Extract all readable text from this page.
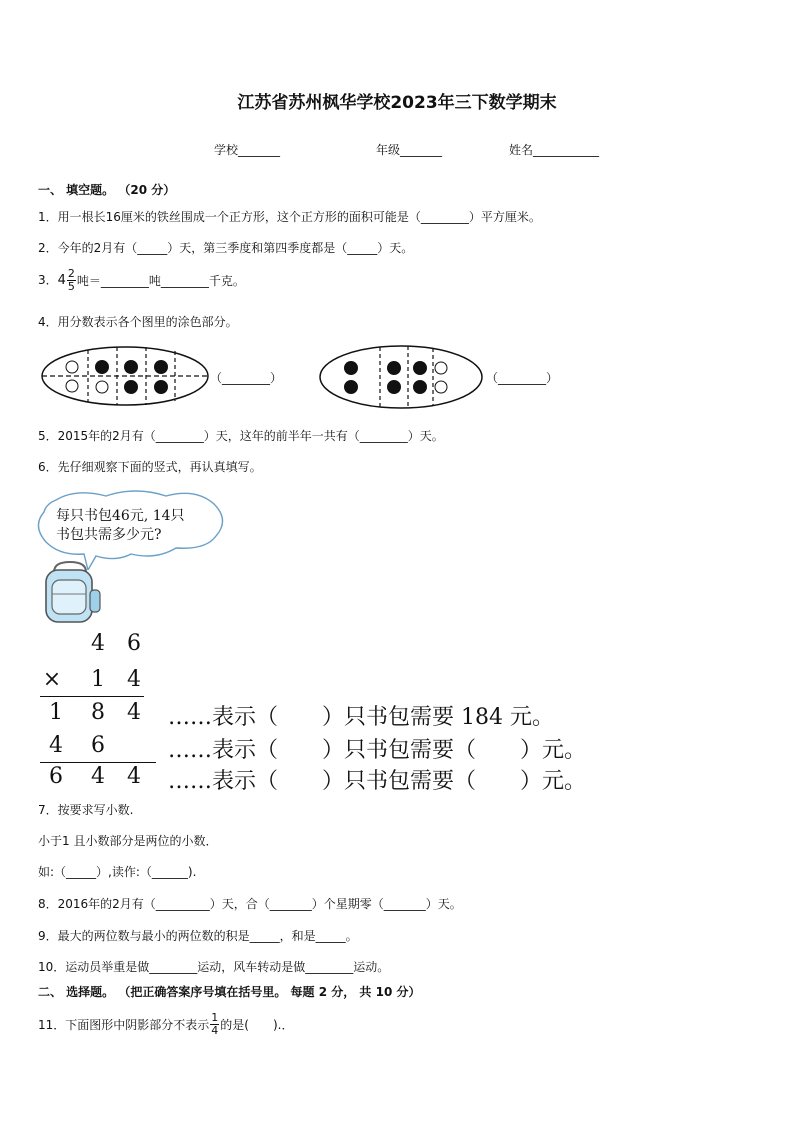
江苏省苏州枫华学校2023年三下数学期末
学校_______	年级_______	姓名___________
一、 填空题。 （20 分）
1．用一根长16厘米的铁丝围成一个正方形，这个正方形的面积可能是（________）平方厘米。
2．今年的2月有（_____）天，第三季度和第四季度都是（_____）天。
3．$4 \frac{2}{5}$ 吨＝________吨________千克。
4．用分数表示各个图里的涂色部分。
（________）	（________）
5．2015年的2月有（________）天，这年的前半年一共有（________）天。
6．先仔细观察下面的竖式，再认真填写。
每只书包46元, 14只
书包共需多少元?
4 6
× 1 4
1 8 4 ……表示（　　）只书包需要 184 元。
4 6	……表示（　　）只书包需要（　　）元。
6 4 4 ……表示（　　）只书包需要（　　）元。
7．按要求写小数.
小于1 且小数部分是两位的小数．
如:（_____）,读作:（______).
8．2016年的2月有（_________）天，合（_______）个星期零（_______）天。
9．最大的两位数与最小的两位数的积是_____，和是_____。
10．运动员举重是做________运动，风车转动是做________运动。
二、 选择题。 （把正确答案序号填在括号里。 每题 2 分， 共 10 分）
11．下面图形中阴影部分不表示 $\frac{1}{4}$ 的是(　　).．
